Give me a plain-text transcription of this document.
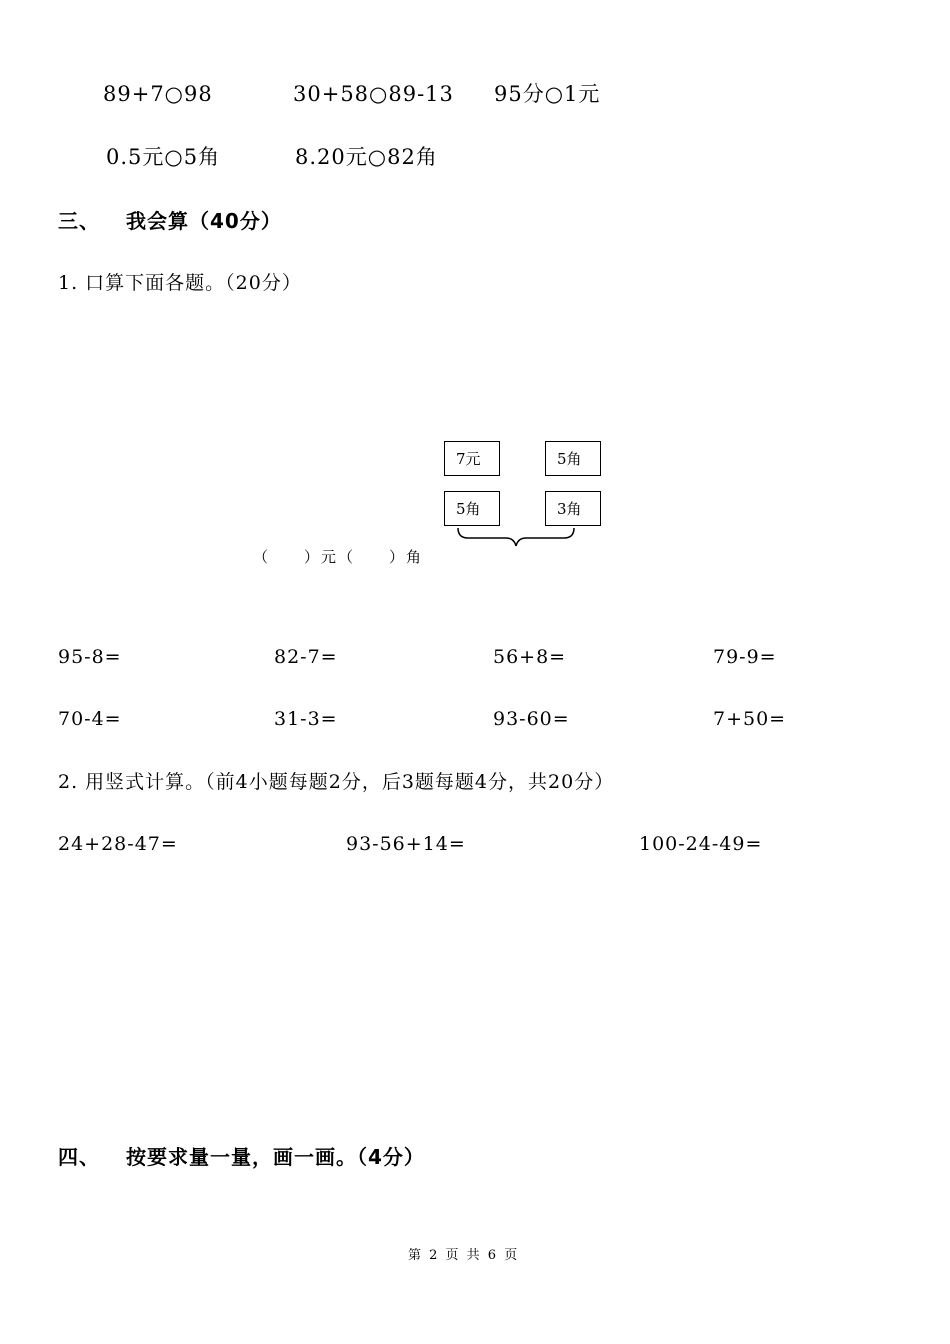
89+7○98	30+58○89-13 95分○1元
0.5元○5角	8.20元○82角
三、 我会算（40分）
1. 口算下面各题。（20分）
7元	5角
5角	3角
（　　）元（　　）角
95-8=	82-7=	56+8=	79-9=
70-4=	31-3=	93-60=	7+50=
2. 用竖式计算。（前4小题每题2分，后3题每题4分，共20分）
24+28-47=	93-56+14=	100-24-49=
四、 按要求量一量，画一画。（4分）
第 2 页 共 6 页
